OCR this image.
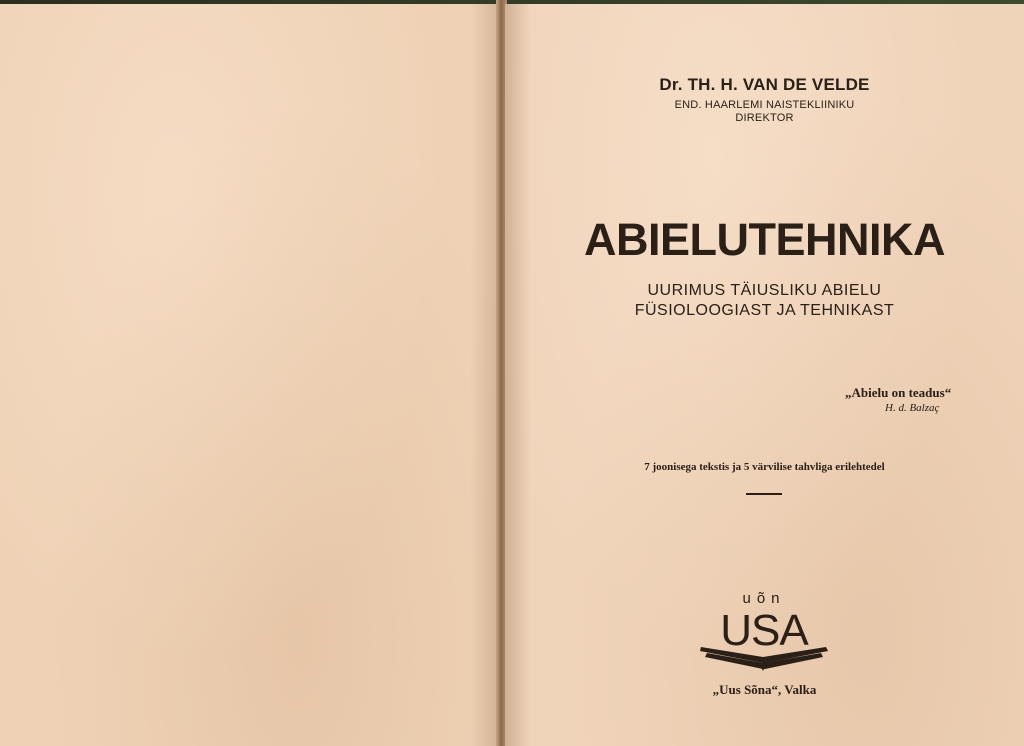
Dr. TH. H. VAN DE VELDE
END. HAARLEMI NAISTEKLIINIKU
DIREKTOR
ABIELUTEHNIKA
UURIMUS TÄIUSLIKU ABIELU
FÜSIOLOOGIAST JA TEHNIKAST
„Abielu on teadus“
H. d. Balzaç
7 joonisega tekstis ja 5 värvilise tahvliga erilehtedel
uõn
USA
„Uus Sõna“, Valka
